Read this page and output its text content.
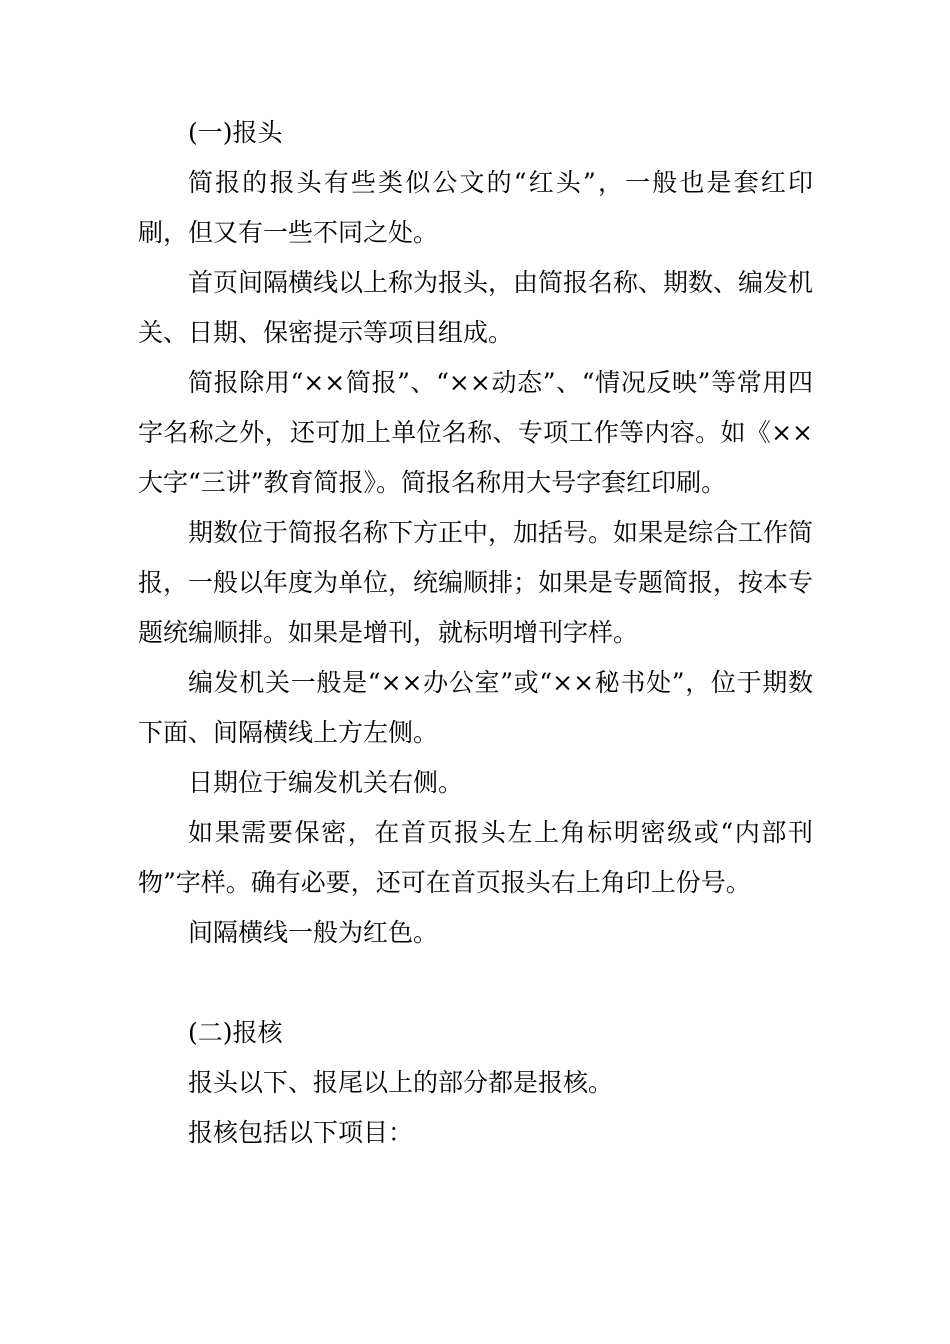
(一)报头

简报的报头有些类似公文的“红头”，一般也是套红印刷，但又有一些不同之处。

首页间隔横线以上称为报头，由简报名称、期数、编发机关、日期、保密提示等项目组成。

简报除用“××简报”、“××动态”、“情况反映”等常用四字名称之外，还可加上单位名称、专项工作等内容。如《××大字“三讲”教育简报》。简报名称用大号字套红印刷。

期数位于简报名称下方正中，加括号。如果是综合工作简报，一般以年度为单位，统编顺排；如果是专题简报，按本专题统编顺排。如果是增刊，就标明增刊字样。

编发机关一般是“××办公室”或“××秘书处”，位于期数下面、间隔横线上方左侧。

日期位于编发机关右侧。

如果需要保密，在首页报头左上角标明密级或“内部刊物”字样。确有必要，还可在首页报头右上角印上份号。

间隔横线一般为红色。

(二)报核

报头以下、报尾以上的部分都是报核。

报核包括以下项目：
